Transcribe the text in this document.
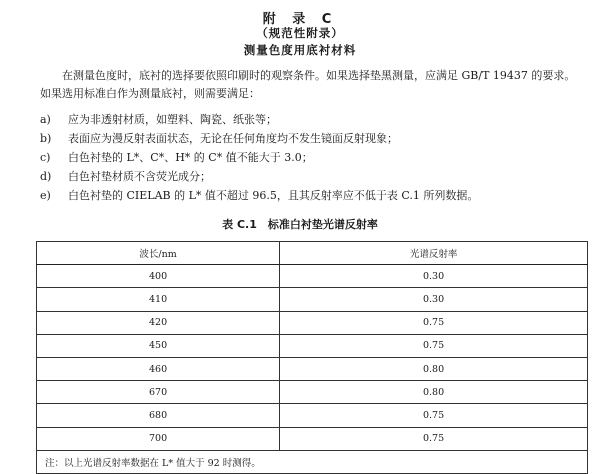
附 录 C
（规范性附录）
测量色度用底衬材料
在测量色度时，底衬的选择要依照印刷时的观察条件。如果选择垫黑测量，应满足 GB/T 19437 的要求。如果选用标准白作为测量底衬，则需要满足：
a)	应为非透射材质，如塑料、陶瓷、纸张等；
b)	表面应为漫反射表面状态，无论在任何角度均不发生镜面反射现象；
c)	白色衬垫的 L*、C*、H* 的 C* 值不能大于 3.0；
d)	白色衬垫材质不含荧光成分；
e)	白色衬垫的 CIELAB 的 L* 值不超过 96.5，且其反射率应不低于表 C.1 所列数据。
表 C.1　标准白衬垫光谱反射率
波长/nm	光谱反射率
400	0.30
410	0.30
420	0.75
450	0.75
460	0.80
670	0.80
680	0.75
700	0.75
注：以上光谱反射率数据在 L* 值大于 92 时测得。	
